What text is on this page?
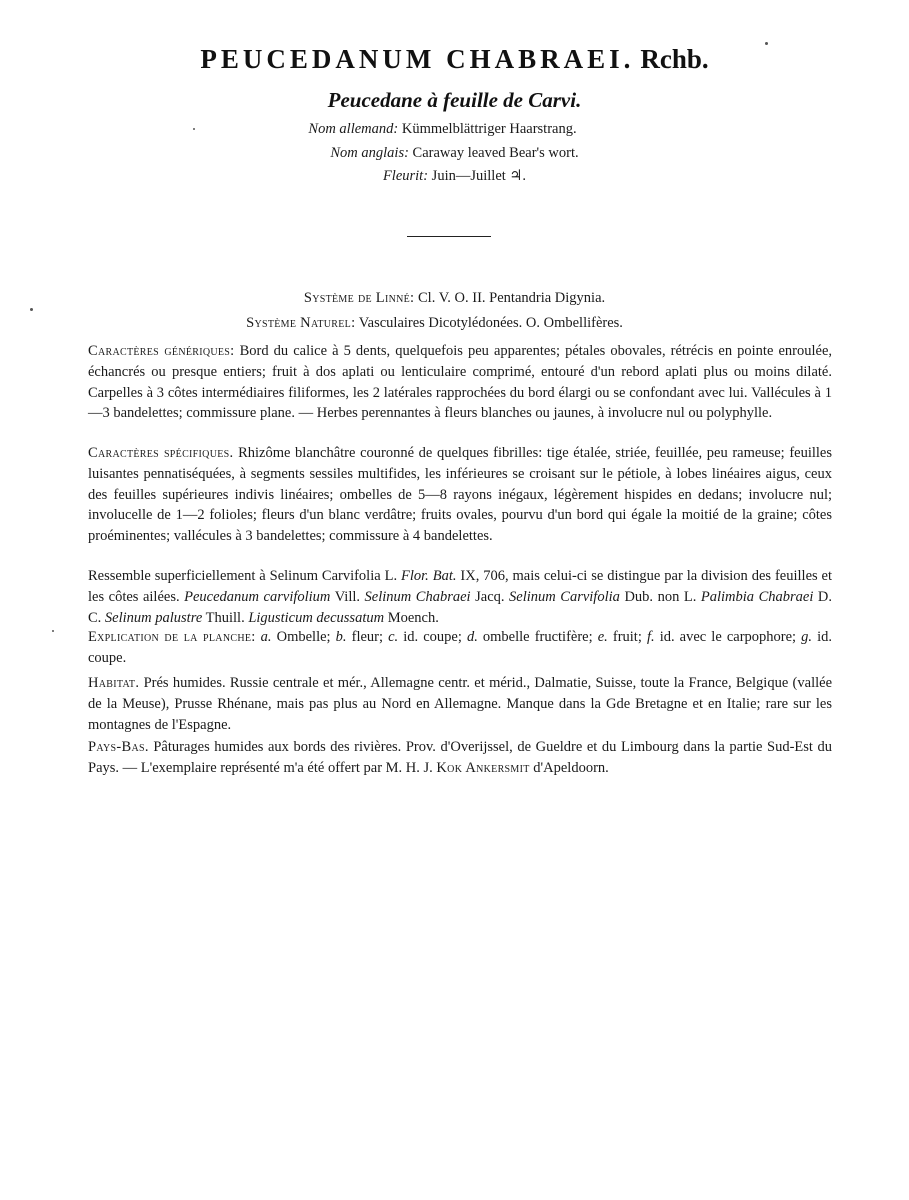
PEUCEDANUM CHABRAEI. Rchb.
Peucedane à feuille de Carvi.
Nom allemand: Kümmelblättriger Haarstrang.
Nom anglais: Caraway leaved Bear's wort.
Fleurit: Juin—Juillet ♃.
Système de Linné: Cl. V. O. II. Pentandria Digynia.
Système Naturel: Vasculaires Dicotylédonées. O. Ombellifères.
Caractères génériques: Bord du calice à 5 dents, quelquefois peu apparentes; pétales obovales, rétrécis en pointe enroulée, échancrés ou presque entiers; fruit à dos aplati ou lenticulaire comprimé, entouré d'un rebord aplati plus ou moins dilaté. Carpelles à 3 côtes intermédiaires filiformes, les 2 latérales rapprochées du bord élargi ou se confondant avec lui. Vallécules à 1—3 bandelettes; commissure plane. — Herbes perennantes à fleurs blanches ou jaunes, à involucre nul ou polyphylle.
Caractères spécifiques. Rhizôme blanchâtre couronné de quelques fibrilles: tige étalée, striée, feuillée, peu rameuse; feuilles luisantes pennatiséquées, à segments sessiles multifides, les inférieures se croisant sur le pétiole, à lobes linéaires aigus, ceux des feuilles supérieures indivis linéaires; ombelles de 5—8 rayons inégaux, légèrement hispides en dedans; involucre nul; involucelle de 1—2 folioles; fleurs d'un blanc verdâtre; fruits ovales, pourvu d'un bord qui égale la moitié de la graine; côtes proéminentes; vallécules à 3 bandelettes; commissure à 4 bandelettes.
Ressemble superficiellement à Selinum Carvifolia L. Flor. Bat. IX, 706, mais celui-ci se distingue par la division des feuilles et les côtes ailées. Peucedanum carvifolium Vill. Selinum Chabraei Jacq. Selinum Carvifolia Dub. non L. Palimbia Chabraei D. C. Selinum palustre Thuill. Ligusticum decussatum Moench.
Explication de la planche: a. Ombelle; b. fleur; c. id. coupe; d. ombelle fructifère; e. fruit; f. id. avec le carpophore; g. id. coupe.
Habitat. Prés humides. Russie centrale et mér., Allemagne centr. et mérid., Dalmatie, Suisse, toute la France, Belgique (vallée de la Meuse), Prusse Rhénane, mais pas plus au Nord en Allemagne. Manque dans la Gde Bretagne et en Italie; rare sur les montagnes de l'Espagne.
Pays-Bas. Pâturages humides aux bords des rivières. Prov. d'Overijssel, de Gueldre et du Limbourg dans la partie Sud-Est du Pays. — L'exemplaire représenté m'a été offert par M. H. J. Kok Ankersmit d'Apeldoorn.
